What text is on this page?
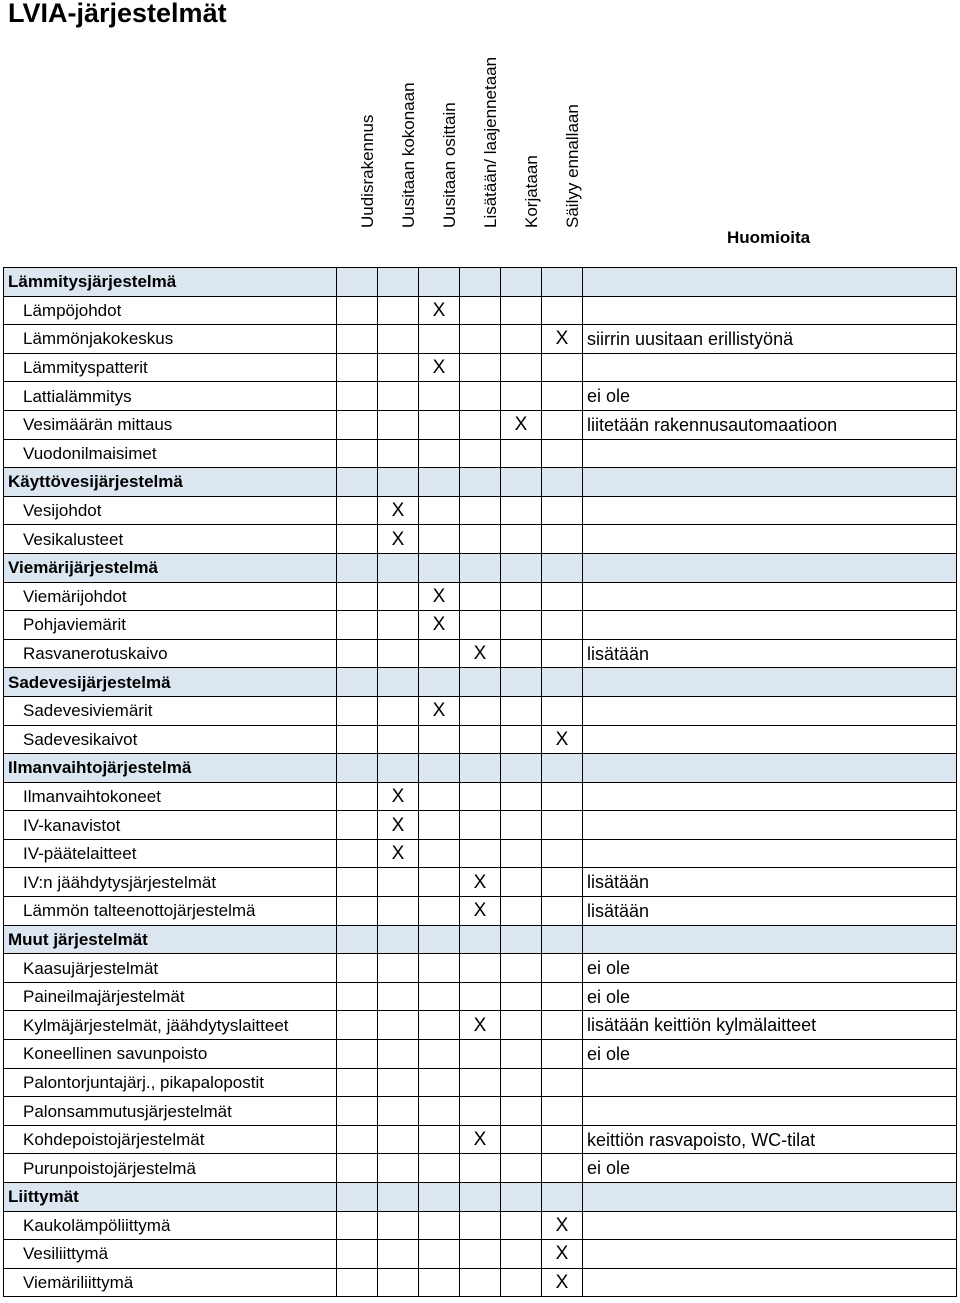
LVIA-järjestelmät
Uudisrakennus Uusitaan kokonaan Uusitaan osittain Lisätään/ laajennetaan Korjataan Säilyy ennallaan
Huomioita
Lämmitysjärjestelmä							
Lämpöjohdot			X				
Lämmönjakokeskus						X	siirrin uusitaan erillistyönä
Lämmityspatterit			X				
Lattialämmitys							ei ole
Vesimäärän mittaus					X		liitetään rakennusautomaatioon
Vuodonilmaisimet							
Käyttövesijärjestelmä							
Vesijohdot		X					
Vesikalusteet		X					
Viemärijärjestelmä							
Viemärijohdot			X				
Pohjaviemärit			X				
Rasvanerotuskaivo				X			lisätään
Sadevesijärjestelmä							
Sadevesiviemärit			X				
Sadevesikaivot						X	
Ilmanvaihtojärjestelmä							
Ilmanvaihtokoneet		X					
IV-kanavistot		X					
IV-päätelaitteet		X					
IV:n jäähdytysjärjestelmät				X			lisätään
Lämmön talteenottojärjestelmä				X			lisätään
Muut järjestelmät							
Kaasujärjestelmät							ei ole
Paineilmajärjestelmät							ei ole
Kylmäjärjestelmät, jäähdytyslaitteet				X			lisätään keittiön kylmälaitteet
Koneellinen savunpoisto							ei ole
Palontorjuntajärj., pikapalopostit							
Palonsammutusjärjestelmät							
Kohdepoistojärjestelmät				X			keittiön rasvapoisto, WC-tilat
Purunpoistojärjestelmä							ei ole
Liittymät							
Kaukolämpöliittymä						X	
Vesiliittymä						X	
Viemäriliittymä						X	
